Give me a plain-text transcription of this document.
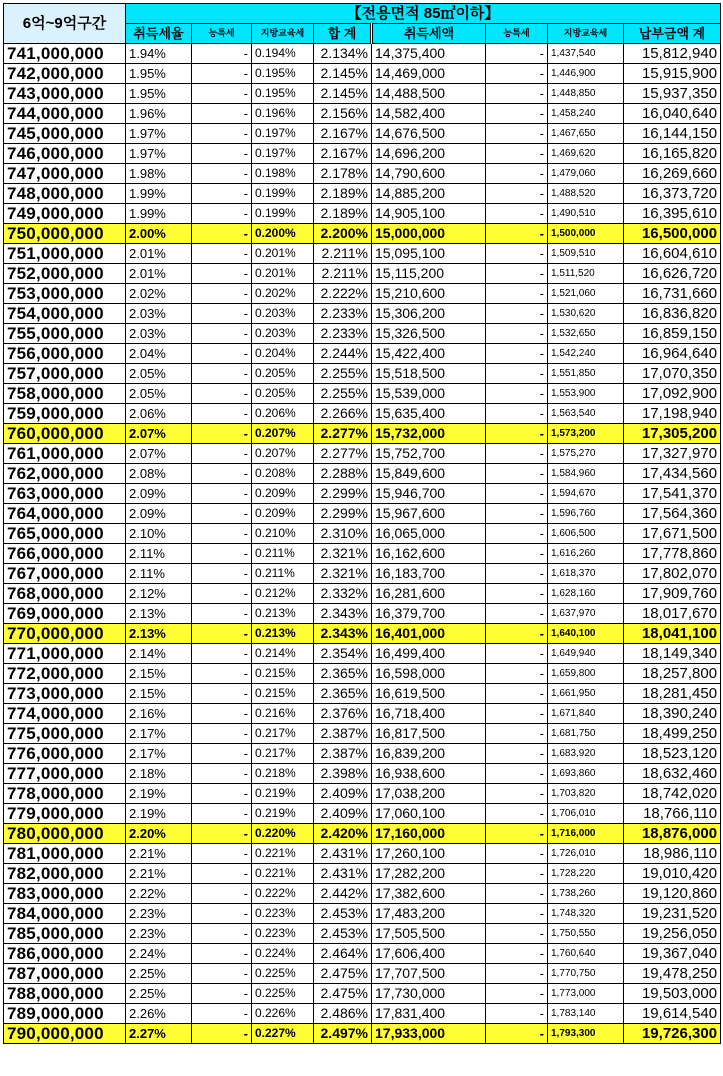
6억~9억구간	【전용면적 85㎡이하】							
	취득세율	농특세	지방교육세	합 계	취득세액	농특세	지방교육세	납부금액 계
741,000,000	1.94%	-	0.194%	2.134%	14,375,400	-	1,437,540	15,812,940
742,000,000	1.95%	-	0.195%	2.145%	14,469,000	-	1,446,900	15,915,900
743,000,000	1.95%	-	0.195%	2.145%	14,488,500	-	1,448,850	15,937,350
744,000,000	1.96%	-	0.196%	2.156%	14,582,400	-	1,458,240	16,040,640
745,000,000	1.97%	-	0.197%	2.167%	14,676,500	-	1,467,650	16,144,150
746,000,000	1.97%	-	0.197%	2.167%	14,696,200	-	1,469,620	16,165,820
747,000,000	1.98%	-	0.198%	2.178%	14,790,600	-	1,479,060	16,269,660
748,000,000	1.99%	-	0.199%	2.189%	14,885,200	-	1,488,520	16,373,720
749,000,000	1.99%	-	0.199%	2.189%	14,905,100	-	1,490,510	16,395,610
750,000,000	2.00%	-	0.200%	2.200%	15,000,000	-	1,500,000	16,500,000
751,000,000	2.01%	-	0.201%	2.211%	15,095,100	-	1,509,510	16,604,610
752,000,000	2.01%	-	0.201%	2.211%	15,115,200	-	1,511,520	16,626,720
753,000,000	2.02%	-	0.202%	2.222%	15,210,600	-	1,521,060	16,731,660
754,000,000	2.03%	-	0.203%	2.233%	15,306,200	-	1,530,620	16,836,820
755,000,000	2.03%	-	0.203%	2.233%	15,326,500	-	1,532,650	16,859,150
756,000,000	2.04%	-	0.204%	2.244%	15,422,400	-	1,542,240	16,964,640
757,000,000	2.05%	-	0.205%	2.255%	15,518,500	-	1,551,850	17,070,350
758,000,000	2.05%	-	0.205%	2.255%	15,539,000	-	1,553,900	17,092,900
759,000,000	2.06%	-	0.206%	2.266%	15,635,400	-	1,563,540	17,198,940
760,000,000	2.07%	-	0.207%	2.277%	15,732,000	-	1,573,200	17,305,200
761,000,000	2.07%	-	0.207%	2.277%	15,752,700	-	1,575,270	17,327,970
762,000,000	2.08%	-	0.208%	2.288%	15,849,600	-	1,584,960	17,434,560
763,000,000	2.09%	-	0.209%	2.299%	15,946,700	-	1,594,670	17,541,370
764,000,000	2.09%	-	0.209%	2.299%	15,967,600	-	1,596,760	17,564,360
765,000,000	2.10%	-	0.210%	2.310%	16,065,000	-	1,606,500	17,671,500
766,000,000	2.11%	-	0.211%	2.321%	16,162,600	-	1,616,260	17,778,860
767,000,000	2.11%	-	0.211%	2.321%	16,183,700	-	1,618,370	17,802,070
768,000,000	2.12%	-	0.212%	2.332%	16,281,600	-	1,628,160	17,909,760
769,000,000	2.13%	-	0.213%	2.343%	16,379,700	-	1,637,970	18,017,670
770,000,000	2.13%	-	0.213%	2.343%	16,401,000	-	1,640,100	18,041,100
771,000,000	2.14%	-	0.214%	2.354%	16,499,400	-	1,649,940	18,149,340
772,000,000	2.15%	-	0.215%	2.365%	16,598,000	-	1,659,800	18,257,800
773,000,000	2.15%	-	0.215%	2.365%	16,619,500	-	1,661,950	18,281,450
774,000,000	2.16%	-	0.216%	2.376%	16,718,400	-	1,671,840	18,390,240
775,000,000	2.17%	-	0.217%	2.387%	16,817,500	-	1,681,750	18,499,250
776,000,000	2.17%	-	0.217%	2.387%	16,839,200	-	1,683,920	18,523,120
777,000,000	2.18%	-	0.218%	2.398%	16,938,600	-	1,693,860	18,632,460
778,000,000	2.19%	-	0.219%	2.409%	17,038,200	-	1,703,820	18,742,020
779,000,000	2.19%	-	0.219%	2.409%	17,060,100	-	1,706,010	18,766,110
780,000,000	2.20%	-	0.220%	2.420%	17,160,000	-	1,716,000	18,876,000
781,000,000	2.21%	-	0.221%	2.431%	17,260,100	-	1,726,010	18,986,110
782,000,000	2.21%	-	0.221%	2.431%	17,282,200	-	1,728,220	19,010,420
783,000,000	2.22%	-	0.222%	2.442%	17,382,600	-	1,738,260	19,120,860
784,000,000	2.23%	-	0.223%	2.453%	17,483,200	-	1,748,320	19,231,520
785,000,000	2.23%	-	0.223%	2.453%	17,505,500	-	1,750,550	19,256,050
786,000,000	2.24%	-	0.224%	2.464%	17,606,400	-	1,760,640	19,367,040
787,000,000	2.25%	-	0.225%	2.475%	17,707,500	-	1,770,750	19,478,250
788,000,000	2.25%	-	0.225%	2.475%	17,730,000	-	1,773,000	19,503,000
789,000,000	2.26%	-	0.226%	2.486%	17,831,400	-	1,783,140	19,614,540
790,000,000	2.27%	-	0.227%	2.497%	17,933,000	-	1,793,300	19,726,300
